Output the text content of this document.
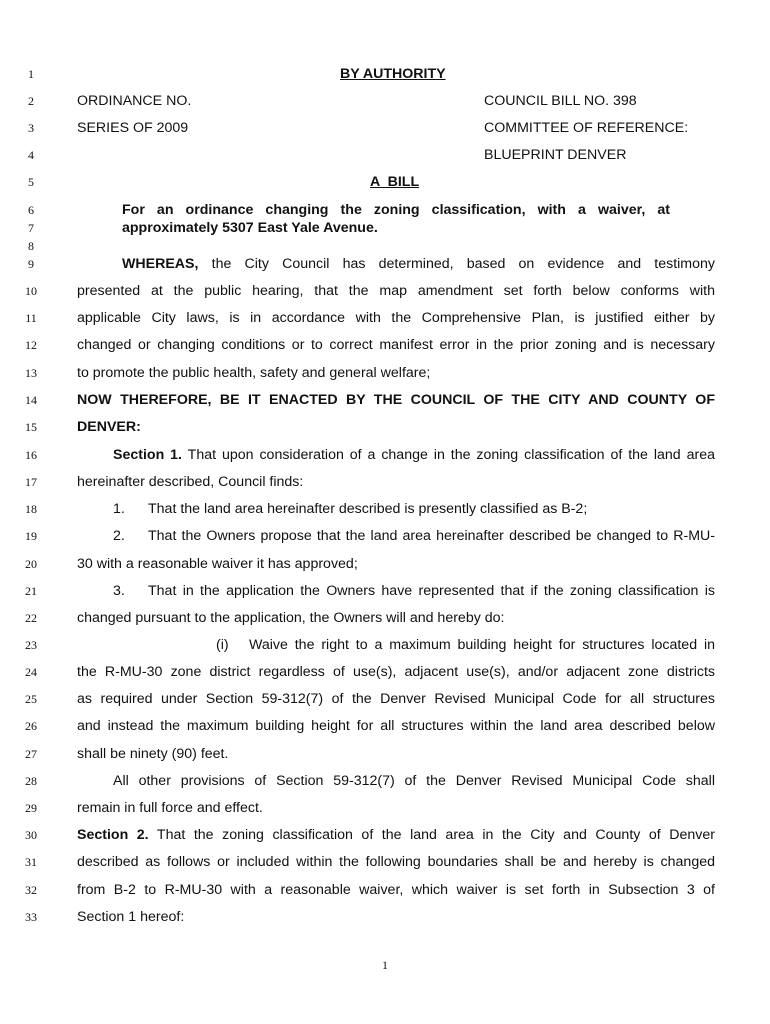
1
2
3
4
5
6
7
8
9
10
11
12
13
14
15
16
17
18
19
20
21
22
23
24
25
26
27
28
29
30
31
32
33
BY AUTHORITY
ORDINANCE NO.	COUNCIL BILL NO. 398
SERIES OF 2009	COMMITTEE OF REFERENCE:
BLUEPRINT DENVER
A  BILL
For an ordinance changing the zoning classification, with a waiver, at
approximately 5307 East Yale Avenue.
WHEREAS, the City Council has determined, based on evidence and testimony
presented at the public hearing, that the map amendment set forth below conforms with
applicable City laws, is in accordance with the Comprehensive Plan, is justified either by
changed or changing conditions or to correct manifest error in the prior zoning and is necessary
to promote the public health, safety and general welfare;
NOW THEREFORE, BE IT ENACTED BY THE COUNCIL OF THE CITY AND COUNTY OF
DENVER:
Section 1. That upon consideration of a change in the zoning classification of the land area
hereinafter described, Council finds:
1. That the land area hereinafter described is presently classified as B-2;
2. That the Owners propose that the land area hereinafter described be changed to R-MU-
30 with a reasonable waiver it has approved;
3. That in the application the Owners have represented that if the zoning classification is
changed pursuant to the application, the Owners will and hereby do:
(i) Waive the right to a maximum building height for structures located in
the R-MU-30 zone district regardless of use(s), adjacent use(s), and/or adjacent zone districts
as required under Section 59-312(7) of the Denver Revised Municipal Code for all structures
and instead the maximum building height for all structures within the land area described below
shall be ninety (90) feet.
All other provisions of Section 59-312(7) of the Denver Revised Municipal Code shall
remain in full force and effect.
Section 2. That the zoning classification of the land area in the City and County of Denver
described as follows or included within the following boundaries shall be and hereby is changed
from B-2 to R-MU-30 with a reasonable waiver, which waiver is set forth in Subsection 3 of
Section 1 hereof:
1
